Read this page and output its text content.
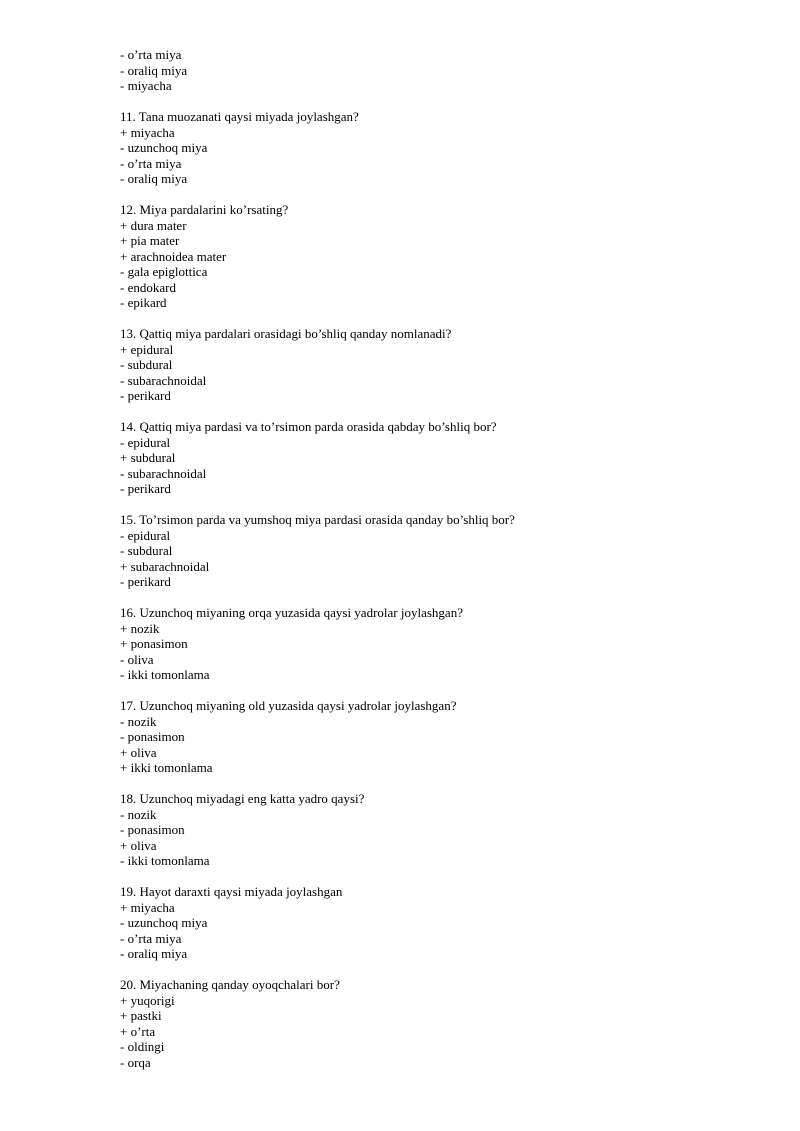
- o’rta miya
- oraliq miya
- miyacha
11. Tana muozanati qaysi miyada joylashgan?
+ miyacha
- uzunchoq miya
- o’rta miya
- oraliq miya
12. Miya pardalarini ko’rsating?
+ dura mater
+ pia mater
+ arachnoidea mater
- gala epiglottica
- endokard
- epikard
13. Qattiq miya pardalari orasidagi bo’shliq qanday nomlanadi?
+ epidural
- subdural
- subarachnoidal
- perikard
14. Qattiq miya pardasi va to’rsimon parda orasida qabday bo’shliq bor?
- epidural
+ subdural
- subarachnoidal
- perikard
15. To’rsimon parda va yumshoq miya pardasi orasida qanday bo’shliq bor?
- epidural
- subdural
+ subarachnoidal
- perikard
16. Uzunchoq miyaning orqa yuzasida qaysi yadrolar joylashgan?
+ nozik
+ ponasimon
- oliva
- ikki tomonlama
17. Uzunchoq miyaning old yuzasida qaysi yadrolar joylashgan?
- nozik
- ponasimon
+ oliva
+ ikki tomonlama
18. Uzunchoq miyadagi eng katta yadro qaysi?
- nozik
- ponasimon
+ oliva
- ikki tomonlama
19. Hayot daraxti qaysi miyada joylashgan
+ miyacha
- uzunchoq miya
- o’rta miya
- oraliq miya
20. Miyachaning qanday oyoqchalari bor?
+ yuqorigi
+ pastki
+ o’rta
- oldingi
- orqa
